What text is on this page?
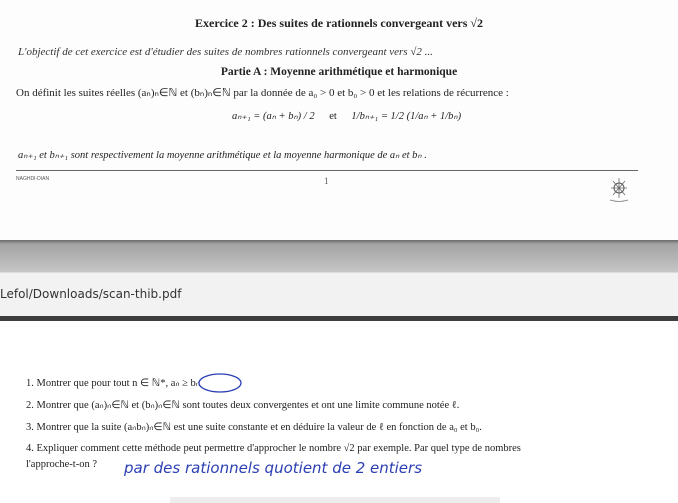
Exercice 2 : Des suites de rationnels convergeant vers √2
L'objectif de cet exercice est d'étudier des suites de nombres rationnels convergeant vers √2 ...
Partie A : Moyenne arithmétique et harmonique
On définit les suites réelles (aₙ)ₙ∈ℕ et (bₙ)ₙ∈ℕ par la donnée de a₀ > 0 et b₀ > 0 et les relations de récurrence :
aₙ₊₁ = (aₙ + bₙ) / 2 et 1/bₙ₊₁ = 1/2 (1/aₙ + 1/bₙ)
aₙ₊₁ et bₙ₊₁ sont respectivement la moyenne arithmétique et la moyenne harmonique de aₙ et bₙ .
NAGHDI-DIAN	1
Lefol/Downloads/scan-thib.pdf
1. Montrer que pour tout n ∈ ℕ*, aₙ ≥ bₙ
2. Montrer que (aₙ)ₙ∈ℕ et (bₙ)ₙ∈ℕ sont toutes deux convergentes et ont une limite commune notée ℓ.
3. Montrer que la suite (aₙbₙ)ₙ∈ℕ est une suite constante et en déduire la valeur de ℓ en fonction de a₀ et b₀.
4. Expliquer comment cette méthode peut permettre d'approcher le nombre √2 par exemple. Par quel type de nombres
l'approche-t-on ? par des rationnels quotient de 2 entiers
